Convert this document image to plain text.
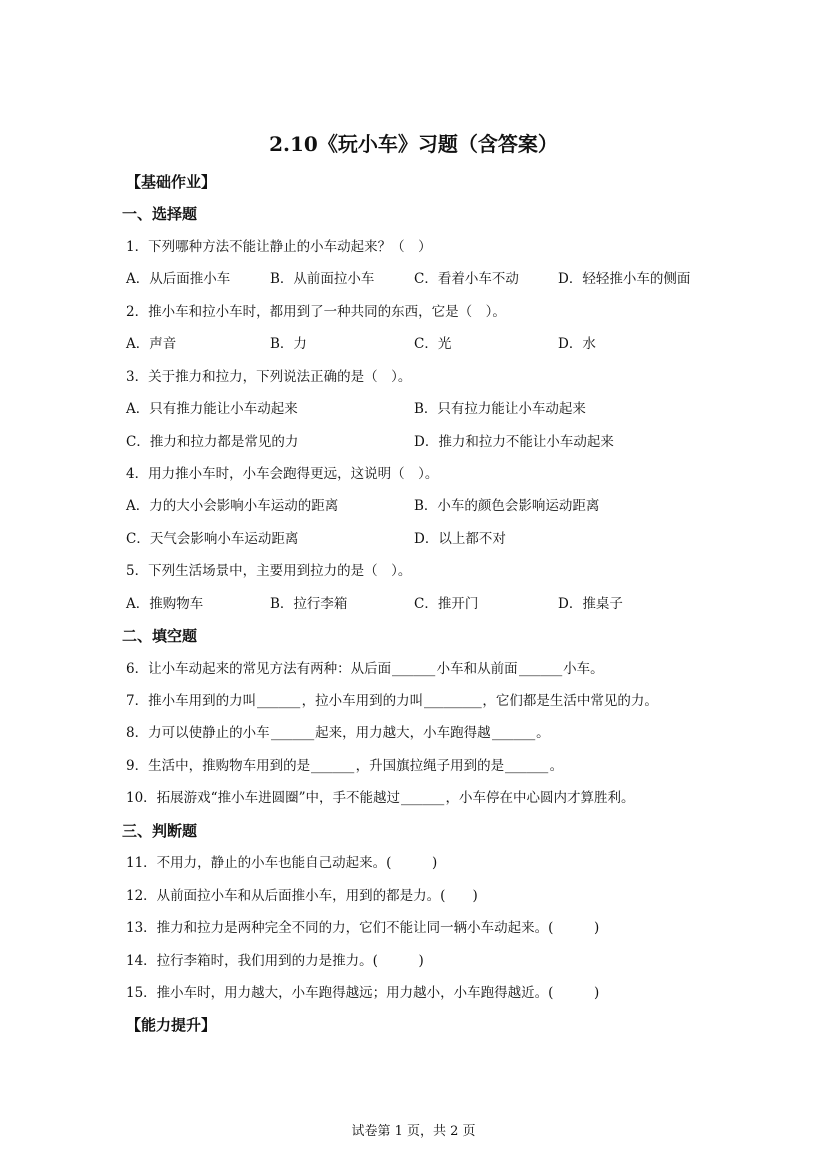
2.10《玩小车》习题（含答案）
【基础作业】
一、选择题
1．下列哪种方法不能让静止的小车动起来？（　）
A．从后面推小车	B．从前面拉小车	C．看着小车不动	D．轻轻推小车的侧面
2．推小车和拉小车时，都用到了一种共同的东西，它是（　）。
A．声音	B．力	C．光	D．水
3．关于推力和拉力，下列说法正确的是（　）。
A．只有推力能让小车动起来	B．只有拉力能让小车动起来
C．推力和拉力都是常见的力	D．推力和拉力不能让小车动起来
4．用力推小车时，小车会跑得更远，这说明（　）。
A．力的大小会影响小车运动的距离	B．小车的颜色会影响运动距离
C．天气会影响小车运动距离	D．以上都不对
5．下列生活场景中，主要用到拉力的是（　）。
A．推购物车	B．拉行李箱	C．推开门	D．推桌子
二、填空题
6．让小车动起来的常见方法有两种：从后面__小车和从前面__小车。
7．推小车用到的力叫__，拉小车用到的力叫___，它们都是生活中常见的力。
8．力可以使静止的小车__起来，用力越大，小车跑得越__。
9．生活中，推购物车用到的是__，升国旗拉绳子用到的是__。
10．拓展游戏“推小车进圆圈”中，手不能越过__，小车停在中心圆内才算胜利。
三、判断题
11．不用力，静止的小车也能自己动起来。(　　　)
12．从前面拉小车和从后面推小车，用到的都是力。(　　)
13．推力和拉力是两种完全不同的力，它们不能让同一辆小车动起来。(　　　)
14．拉行李箱时，我们用到的力是推力。(　　　)
15．推小车时，用力越大，小车跑得越远；用力越小，小车跑得越近。(　　　)
【能力提升】
试卷第 1 页，共 2 页
